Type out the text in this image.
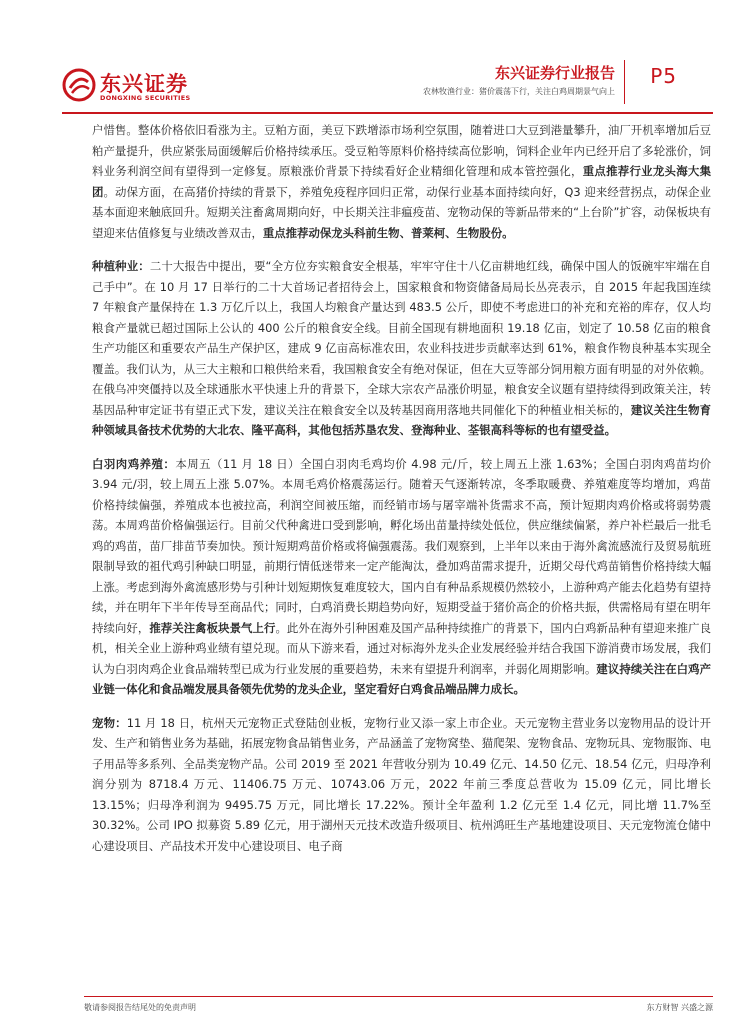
东兴证券
DONGXING SECURITIES
东兴证券行业报告
农林牧渔行业：猪价震荡下行，关注白鸡周期景气向上
P5

户惜售。整体价格依旧看涨为主。豆粕方面，美豆下跌增添市场利空氛围，随着进口大豆到港量攀升，油厂开机率增加后豆粕产量提升，供应紧张局面缓解后价格持续承压。受豆粕等原料价格持续高位影响，饲料企业年内已经开启了多轮涨价，饲料业务利润空间有望得到一定修复。原粮涨价背景下持续看好企业精细化管理和成本管控强化，重点推荐行业龙头海大集团。动保方面，在高猪价持续的背景下，养殖免疫程序回归正常，动保行业基本面持续向好，Q3 迎来经营拐点，动保企业基本面迎来触底回升。短期关注畜禽周期向好，中长期关注非瘟疫苗、宠物动保的等新品带来的“上台阶”扩容，动保板块有望迎来估值修复与业绩改善双击，重点推荐动保龙头科前生物、普莱柯、生物股份。

种植种业：二十大报告中提出，要“全方位夯实粮食安全根基，牢牢守住十八亿亩耕地红线，确保中国人的饭碗牢牢端在自己手中”。在 10 月 17 日举行的二十大首场记者招待会上，国家粮食和物资储备局局长丛亮表示，自 2015 年起我国连续 7 年粮食产量保持在 1.3 万亿斤以上，我国人均粮食产量达到 483.5 公斤，即使不考虑进口的补充和充裕的库存，仅人均粮食产量就已超过国际上公认的 400 公斤的粮食安全线。目前全国现有耕地面积 19.18 亿亩，划定了 10.58 亿亩的粮食生产功能区和重要农产品生产保护区，建成 9 亿亩高标准农田，农业科技进步贡献率达到 61%，粮食作物良种基本实现全覆盖。我们认为，从三大主粮和口粮供给来看，我国粮食安全有绝对保证，但在大豆等部分饲用粮方面有明显的对外依赖。在俄乌冲突僵持以及全球通胀水平快速上升的背景下，全球大宗农产品涨价明显，粮食安全议题有望持续得到政策关注，转基因品种审定证书有望正式下发，建议关注在粮食安全以及转基因商用落地共同催化下的种植业相关标的，建议关注生物育种领域具备技术优势的大北农、隆平高科，其他包括苏垦农发、登海种业、荃银高科等标的也有望受益。

白羽肉鸡养殖：本周五（11 月 18 日）全国白羽肉毛鸡均价 4.98 元/斤，较上周五上涨 1.63%；全国白羽肉鸡苗均价 3.94 元/羽，较上周五上涨 5.07%。本周毛鸡价格震荡运行。随着天气逐渐转凉，冬季取暖费、养殖难度等均增加，鸡苗价格持续偏强，养殖成本也被拉高，利润空间被压缩，而经销市场与屠宰端补货需求不高，预计短期肉鸡价格或将弱势震荡。本周鸡苗价格偏强运行。目前父代种禽进口受到影响，孵化场出苗量持续处低位，供应继续偏紧，养户补栏最后一批毛鸡的鸡苗，苗厂排苗节奏加快。预计短期鸡苗价格或将偏强震荡。我们观察到，上半年以来由于海外禽流感流行及贸易航班限制导致的祖代鸡引种缺口明显，前期行情低迷带来一定产能淘汰，叠加鸡苗需求提升，近期父母代鸡苗销售价格持续大幅上涨。考虑到海外禽流感形势与引种计划短期恢复难度较大，国内自有种品系规模仍然较小，上游种鸡产能去化趋势有望持续，并在明年下半年传导至商品代；同时，白鸡消费长期趋势向好，短期受益于猪价高企的价格共振，供需格局有望在明年持续向好，推荐关注禽板块景气上行。此外在海外引种困难及国产品种持续推广的背景下，国内白鸡新品种有望迎来推广良机，相关全业上游种鸡业绩有望兑现。而从下游来看，通过对标海外龙头企业发展经验并结合我国下游消费市场发展，我们认为白羽肉鸡企业食品端转型已成为行业发展的重要趋势，未来有望提升利润率，并弱化周期影响。建议持续关注在白鸡产业链一体化和食品端发展具备领先优势的龙头企业，坚定看好白鸡食品端品牌力成长。

宠物：11 月 18 日，杭州天元宠物正式登陆创业板，宠物行业又添一家上市企业。天元宠物主营业务以宠物用品的设计开发、生产和销售业务为基础，拓展宠物食品销售业务，产品涵盖了宠物窝垫、猫爬架、宠物食品、宠物玩具、宠物服饰、电子用品等多系列、全品类宠物产品。公司 2019 至 2021 年营收分别为 10.49 亿元、14.50 亿元、18.54 亿元，归母净利润分别为 8718.4 万元、11406.75 万元、10743.06 万元，2022 年前三季度总营收为 15.09 亿元，同比增长 13.15%；归母净利润为 9495.75 万元，同比增长 17.22%。预计全年盈利 1.2 亿元至 1.4 亿元，同比增 11.7%至 30.32%。公司 IPO 拟募资 5.89 亿元，用于湖州天元技术改造升级项目、杭州鸿旺生产基地建设项目、天元宠物流仓储中心建设项目、产品技术开发中心建设项目、电子商

敬请参阅报告结尾处的免责声明	东方财智 兴盛之源
